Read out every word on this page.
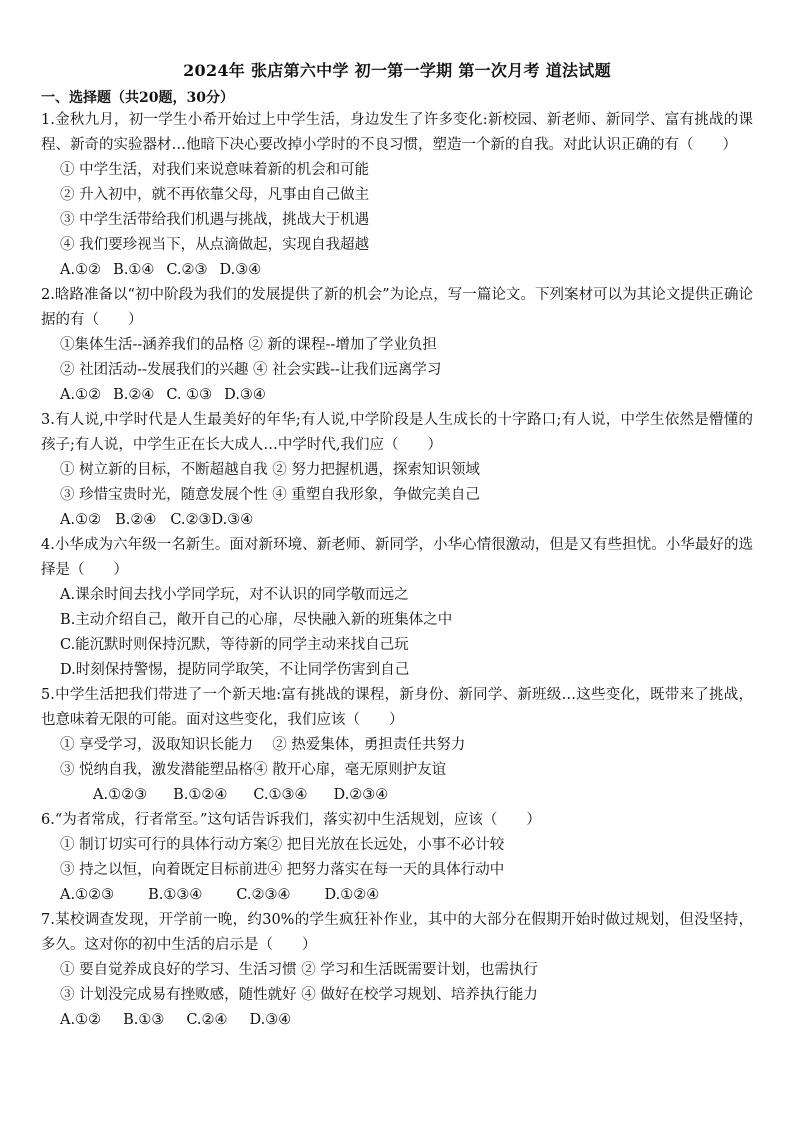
2024年 张店第六中学 初一第一学期 第一次月考 道法试题
一、选择题（共20题，30分）

1.金秋九月，初一学生小希开始过上中学生活，身边发生了许多变化:新校园、新老师、新同学、富有挑战的课程、新奇的实验器材…他暗下决心要改掉小学时的不良习惯，塑造一个新的自我。对此认识正确的有（　　）

① 中学生活，对我们来说意味着新的机会和可能

② 升入初中，就不再依靠父母，凡事由自己做主

③ 中学生活带给我们机遇与挑战，挑战大于机遇

④ 我们要珍视当下，从点滴做起，实现自我超越

A.①② B.①④ C.②③ D.③④

2.晗路准备以“初中阶段为我们的发展提供了新的机会”为论点，写一篇论文。下列案材可以为其论文提供正确论据的有（　　）

①集体生活--涵养我们的品格 ② 新的课程--增加了学业负担

② 社团活动--发展我们的兴趣 ④ 社会实践--让我们远离学习

A.①② B.②④ C. ①③ D.③④

3.有人说,中学时代是人生最美好的年华;有人说,中学阶段是人生成长的十字路口;有人说，中学生依然是懵懂的孩子;有人说，中学生正在长大成人…中学时代,我们应（　　）

① 树立新的目标，不断超越自我 ② 努力把握机遇，探索知识领域

③ 珍惜宝贵时光，随意发展个性 ④ 重塑自我形象，争做完美自己

A.①② B.②④ C.②③D.③④

4.小华成为六年级一名新生。面对新环境、新老师、新同学，小华心情很激动，但是又有些担忧。小华最好的选择是（　　）

A.课余时间去找小学同学玩，对不认识的同学敬而远之

B.主动介绍自己，敞开自己的心扉，尽快融入新的班集体之中

C.能沉默时则保持沉默，等待新的同学主动来找自己玩

D.时刻保持警惕，提防同学取笑，不让同学伤害到自己

5.中学生活把我们带进了一个新天地:富有挑战的课程，新身份、新同学、新班级…这些变化，既带来了挑战，也意味着无限的可能。面对这些变化，我们应该（　　）

① 享受学习，汲取知识长能力　 ② 热爱集体，勇担责任共努力

③ 悦纳自我，激发潜能塑品格④ 散开心扉，毫无原则护友谊

A.①②③ B.①②④ C.①③④ D.②③④

6.“为者常成，行者常至。”这句话告诉我们，落实初中生活规划，应该（　　）

① 制订切实可行的具体行动方案② 把目光放在长远处，小事不必计较

③ 持之以恒，向着既定目标前进④ 把努力落实在每一天的具体行动中

A.①②③ B.①③④ C.②③④ D.①②④

7.某校调查发现，开学前一晚，约30%的学生疯狂补作业，其中的大部分在假期开始时做过规划，但没坚持，多久。这对你的初中生活的启示是（　　）

① 要自觉养成良好的学习、生活习惯 ② 学习和生活既需要计划，也需执行

③ 计划没完成易有挫败感，随性就好 ④ 做好在校学习规划、培养执行能力

A.①② B.①③ C.②④ D.③④
